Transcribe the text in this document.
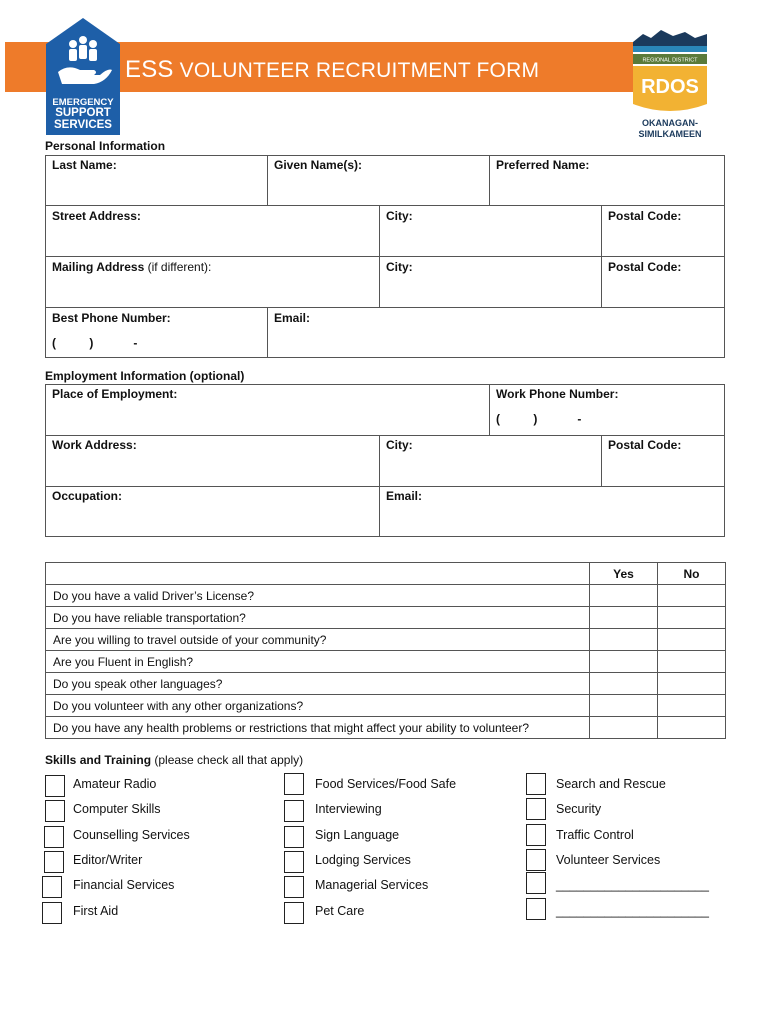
ESS VOLUNTEER RECRUITMENT FORM
EMERGENCY
SUPPORT
SERVICES
REGIONAL DISTRICT
RDOS
OKANAGAN-
SIMILKAMEEN
Personal Information
Last Name:	Given Name(s):	Preferred Name:
Street Address:	City:	Postal Code:
Mailing Address (if different):	City:	Postal Code:
Best Phone Number:
(          )            -
Email:
Employment Information (optional)
Place of Employment:	Work Phone Number:
(          )            -
Work Address:	City:	Postal Code:
Occupation:	Email:
	Yes	No
Do you have a valid Driver’s License?		
Do you have reliable transportation?		
Are you willing to travel outside of your community?		
Are you Fluent in English?		
Do you speak other languages?		
Do you volunteer with any other organizations?		
Do you have any health problems or restrictions that might affect your ability to volunteer?		
Skills and Training (please check all that apply)
Amateur Radio
Computer Skills
Counselling Services
Editor/Writer
Financial Services
First Aid
Food Services/Food Safe
Interviewing
Sign Language
Lodging Services
Managerial Services
Pet Care
Search and Rescue
Security
Traffic Control
Volunteer Services
______________________
______________________
